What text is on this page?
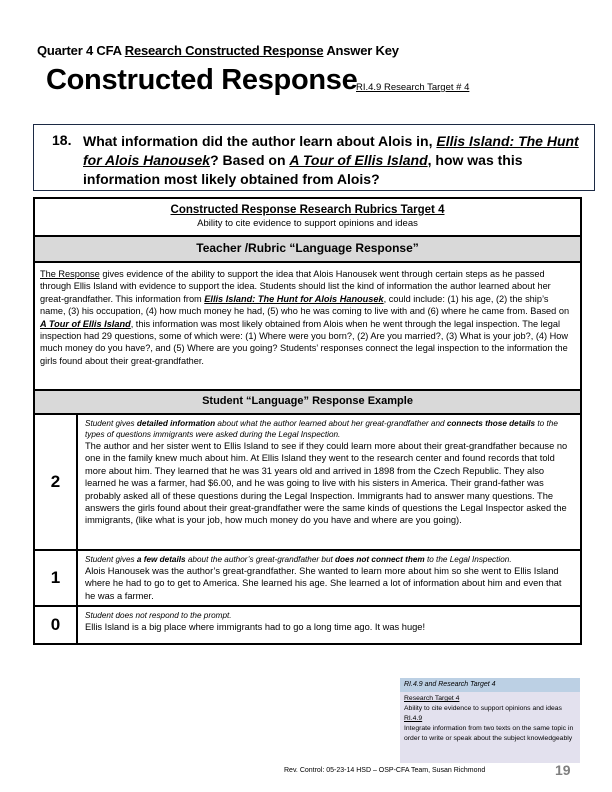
Quarter 4 CFA Research Constructed Response Answer Key
Constructed Response
RI.4.9 Research Target # 4
18. What information did the author learn about Alois in, Ellis Island: The Hunt for Alois Hanousek? Based on A Tour of Ellis Island, how was this information most likely obtained from Alois?
Constructed Response Research Rubrics Target 4
Ability to cite evidence to support opinions and ideas
Teacher /Rubric “Language Response”
The Response gives evidence of the ability to support the idea that Alois Hanousek went through certain steps as he passed through Ellis Island with evidence to support the idea. Students should list the kind of information the author learned about her great-grandfather. This information from Ellis Island: The Hunt for Alois Hanousek, could include: (1) his age, (2) the ship’s name, (3) his occupation, (4) how much money he had, (5) who he was coming to live with and (6) where he came from. Based on A Tour of Ellis Island, this information was most likely obtained from Alois when he went through the legal inspection. The legal inspection had 29 questions, some of which were: (1) Where were you born?, (2) Are you married?, (3) What is your job?, (4) How much money do you have?, and (5) Where are you going? Students’ responses connect the legal inspection to the information the girls found about their great-grandfather.
Student “Language” Response Example
2
Student gives detailed information about what the author learned about her great-grandfather and connects those details to the types of questions immigrants were asked during the Legal Inspection.
The author and her sister went to Ellis Island to see if they could learn more about their great-grandfather because no one in the family knew much about him. At Ellis Island they went to the research center and found records that told more about him. They learned that he was 31 years old and arrived in 1898 from the Czech Republic. They also learned he was a farmer, had $6.00, and he was going to live with his sisters in America. Their grand-father was probably asked all of these questions during the Legal Inspection. Immigrants had to answer many questions. The answers the girls found about their great-grandfather were the same kinds of questions the Legal Inspector asked the immigrants, (like what is your job, how much money do you have and where are you going).
1
Student gives a few details about the author’s great-grandfather but does not connect them to the Legal Inspection.
Alois Hanousek was the author’s great-grandfather. She wanted to learn more about him so she went to Ellis Island where he had to go to get to America. She learned his age. She learned a lot of information about him and even that he was a farmer.
0	Student does not respond to the prompt.
Ellis Island is a big place where immigrants had to go a long time ago. It was huge!
RI.4.9 and Research Target 4
Research Target 4
Ability to cite evidence to support opinions and ideas
RI.4.9
Integrate information from two texts on the same topic in order to write or speak about the subject knowledgeably
Rev. Control: 05-23-14 HSD – OSP-CFA Team, Susan Richmond	19
